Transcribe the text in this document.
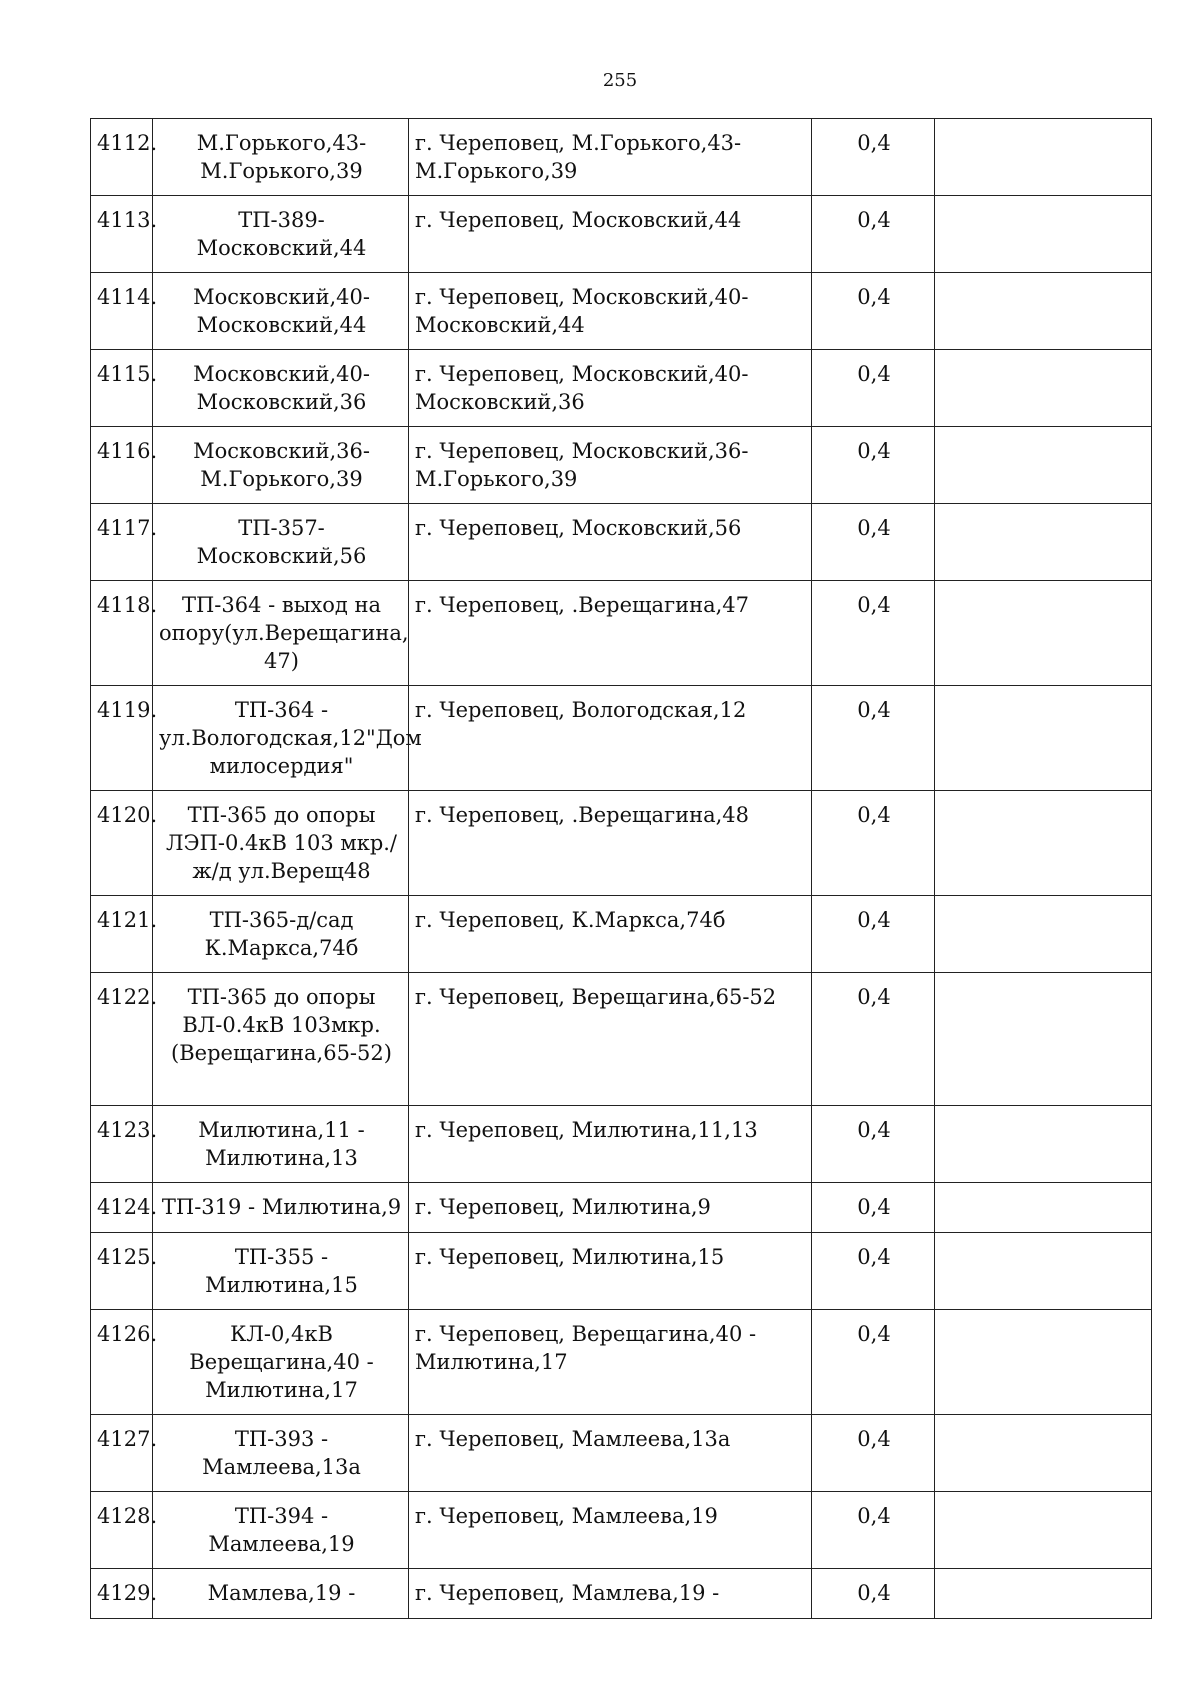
255
4112.	М.Горького,43-М.Горького,39	г. Череповец, М.Горького,43-М.Горького,39	0,4	
4113.	ТП-389-Московский,44	г. Череповец, Московский,44	0,4	
4114.	Московский,40-Московский,44	г. Череповец, Московский,40-Московский,44	0,4	
4115.	Московский,40-Московский,36	г. Череповец, Московский,40-Московский,36	0,4	
4116.	Московский,36-М.Горького,39	г. Череповец, Московский,36-М.Горького,39	0,4	
4117.	ТП-357-Московский,56	г. Череповец, Московский,56	0,4	
4118.	ТП-364 - выход на опору(ул.Верещагина, 47)	г. Череповец, .Верещагина,47	0,4	
4119.	ТП-364 - ул.Вологодская,12"Дом милосердия"	г. Череповец, Вологодская,12	0,4	
4120.	ТП-365 до опоры ЛЭП-0.4кВ 103 мкр./ж/д ул.Верещ48	г. Череповец, .Верещагина,48	0,4	
4121.	ТП-365-д/сад К.Маркса,74б	г. Череповец, К.Маркса,74б	0,4	
4122.	ТП-365 до опоры ВЛ-0.4кВ 103мкр.(Верещагина,65-52)	г. Череповец, Верещагина,65-52	0,4	
4123.	Милютина,11 - Милютина,13	г. Череповец, Милютина,11,13	0,4	
4124.	ТП-319 - Милютина,9	г. Череповец, Милютина,9	0,4	
4125.	ТП-355 - Милютина,15	г. Череповец, Милютина,15	0,4	
4126.	КЛ-0,4кВ Верещагина,40 - Милютина,17	г. Череповец, Верещагина,40 - Милютина,17	0,4	
4127.	ТП-393 - Мамлеева,13а	г. Череповец, Мамлеева,13а	0,4	
4128.	ТП-394 - Мамлеева,19	г. Череповец, Мамлеева,19	0,4	
4129.	Мамлева,19 -	г. Череповец, Мамлева,19 -	0,4	
